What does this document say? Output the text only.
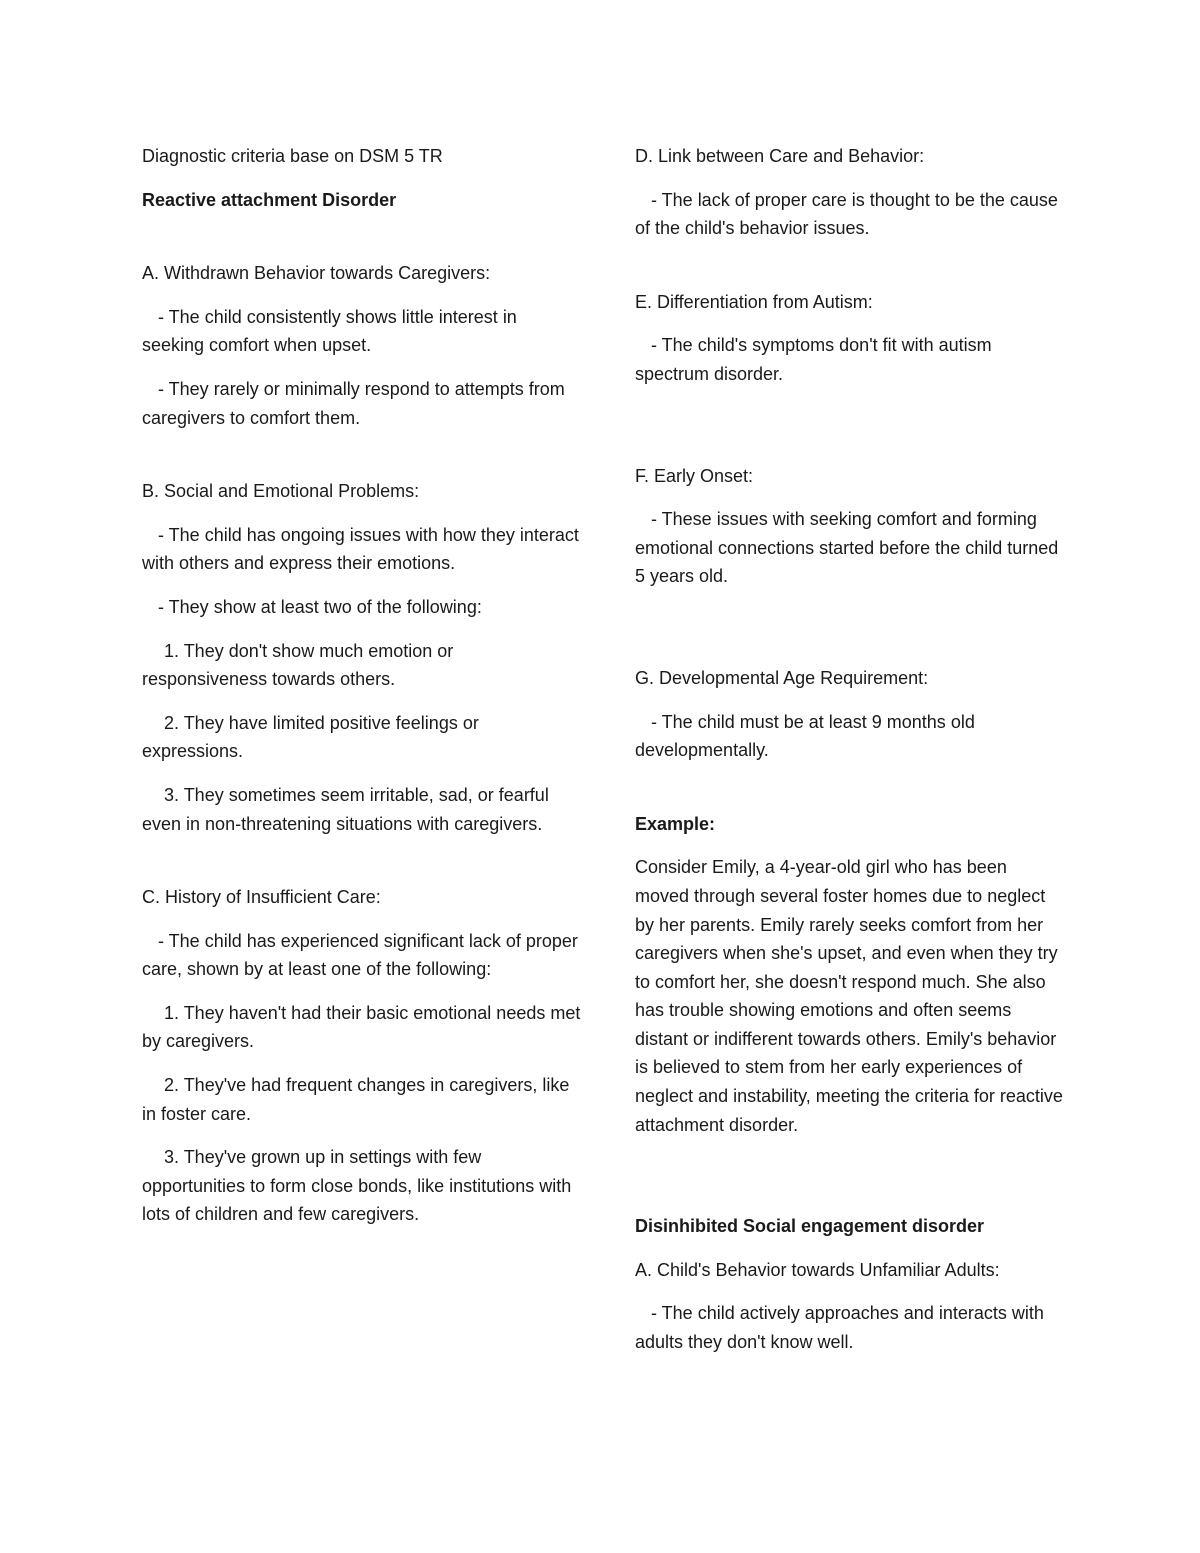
Diagnostic criteria base on DSM 5 TR

Reactive attachment Disorder

A. Withdrawn Behavior towards Caregivers:

- The child consistently shows little interest in seeking comfort when upset.

- They rarely or minimally respond to attempts from caregivers to comfort them.

B. Social and Emotional Problems:

- The child has ongoing issues with how they interact with others and express their emotions.

- They show at least two of the following:

1. They don't show much emotion or responsiveness towards others.

2. They have limited positive feelings or expressions.

3. They sometimes seem irritable, sad, or fearful even in non-threatening situations with caregivers.

C. History of Insufficient Care:

- The child has experienced significant lack of proper care, shown by at least one of the following:

1. They haven't had their basic emotional needs met by caregivers.

2. They've had frequent changes in caregivers, like in foster care.

3. They've grown up in settings with few opportunities to form close bonds, like institutions with lots of children and few caregivers.

D. Link between Care and Behavior:

- The lack of proper care is thought to be the cause of the child's behavior issues.

E. Differentiation from Autism:

- The child's symptoms don't fit with autism spectrum disorder.

F. Early Onset:

- These issues with seeking comfort and forming emotional connections started before the child turned 5 years old.

G. Developmental Age Requirement:

- The child must be at least 9 months old developmentally.

Example:

Consider Emily, a 4-year-old girl who has been moved through several foster homes due to neglect by her parents. Emily rarely seeks comfort from her caregivers when she's upset, and even when they try to comfort her, she doesn't respond much. She also has trouble showing emotions and often seems distant or indifferent towards others. Emily's behavior is believed to stem from her early experiences of neglect and instability, meeting the criteria for reactive attachment disorder.

Disinhibited Social engagement disorder

A. Child's Behavior towards Unfamiliar Adults:

- The child actively approaches and interacts with adults they don't know well.
